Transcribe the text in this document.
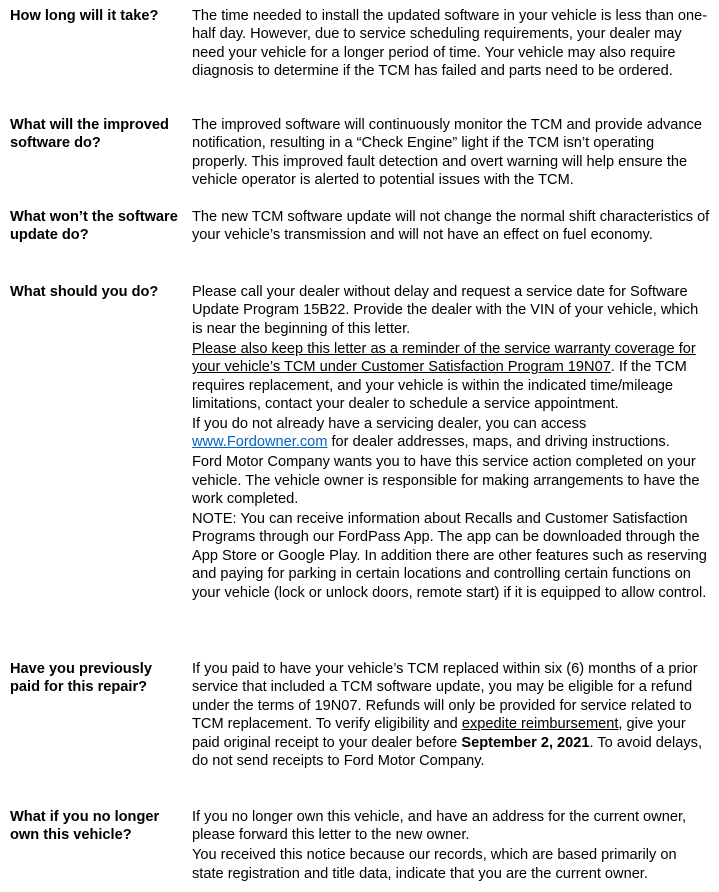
How long will it take?	The time needed to install the updated software in your vehicle is less than one-half day. However, due to service scheduling requirements, your dealer may need your vehicle for a longer period of time. Your vehicle may also require diagnosis to determine if the TCM has failed and parts need to be ordered.
What will the improved software do?
The improved software will continuously monitor the TCM and provide advance notification, resulting in a “Check Engine” light if the TCM isn’t operating properly. This improved fault detection and overt warning will help ensure the vehicle operator is alerted to potential issues with the TCM.
What won’t the software update do?
The new TCM software update will not change the normal shift characteristics of your vehicle’s transmission and will not have an effect on fuel economy.
What should you do?	Please call your dealer without delay and request a service date for Software Update Program 15B22. Provide the dealer with the VIN of your vehicle, which is near the beginning of this letter.

Please also keep this letter as a reminder of the service warranty coverage for your vehicle’s TCM under Customer Satisfaction Program 19N07. If the TCM requires replacement, and your vehicle is within the indicated time/mileage limitations, contact your dealer to schedule a service appointment.

If you do not already have a servicing dealer, you can access www.Fordowner.com for dealer addresses, maps, and driving instructions.

Ford Motor Company wants you to have this service action completed on your vehicle. The vehicle owner is responsible for making arrangements to have the work completed.

NOTE: You can receive information about Recalls and Customer Satisfaction Programs through our FordPass App. The app can be downloaded through the App Store or Google Play. In addition there are other features such as reserving and paying for parking in certain locations and controlling certain functions on your vehicle (lock or unlock doors, remote start) if it is equipped to allow control.

Have you previously paid for this repair?
If you paid to have your vehicle’s TCM replaced within six (6) months of a prior service that included a TCM software update, you may be eligible for a refund under the terms of 19N07. Refunds will only be provided for service related to TCM replacement. To verify eligibility and expedite reimbursement, give your paid original receipt to your dealer before September 2, 2021. To avoid delays, do not send receipts to Ford Motor Company.
What if you no longer own this vehicle?

If you no longer own this vehicle, and have an address for the current owner, please forward this letter to the new owner.

You received this notice because our records, which are based primarily on state registration and title data, indicate that you are the current owner.
